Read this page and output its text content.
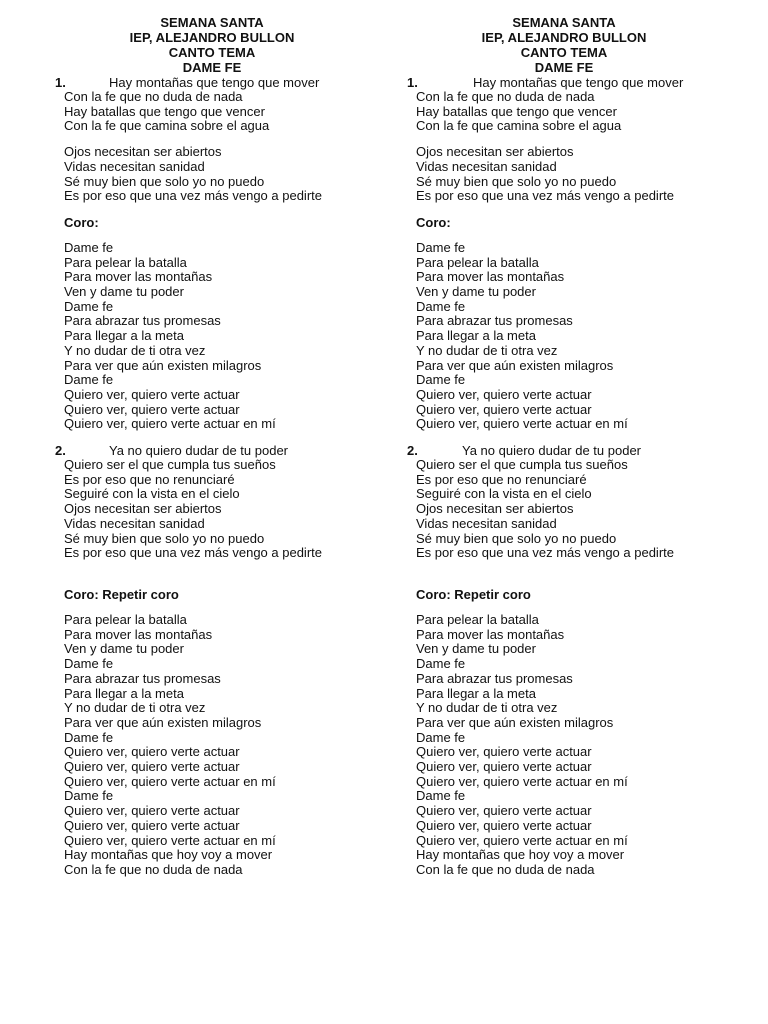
SEMANA SANTA
IEP, ALEJANDRO BULLON
CANTO TEMA
DAME FE
1.	Hay montañas que tengo que mover
Con la fe que no duda de nada
Hay batallas que tengo que vencer
Con la fe que camina sobre el agua
Ojos necesitan ser abiertos
Vidas necesitan sanidad
Sé muy bien que solo yo no puedo
Es por eso que una vez más vengo a pedirte
Coro:
Dame fe
Para pelear la batalla
Para mover las montañas
Ven y dame tu poder
Dame fe
Para abrazar tus promesas
Para llegar a la meta
Y no dudar de ti otra vez
Para ver que aún existen milagros
Dame fe
Quiero ver, quiero verte actuar
Quiero ver, quiero verte actuar
Quiero ver, quiero verte actuar en mí
2.	Ya no quiero dudar de tu poder
Quiero ser el que cumpla tus sueños
Es por eso que no renunciaré
Seguiré con la vista en el cielo
Ojos necesitan ser abiertos
Vidas necesitan sanidad
Sé muy bien que solo yo no puedo
Es por eso que una vez más vengo a pedirte
Coro: Repetir coro
Para pelear la batalla
Para mover las montañas
Ven y dame tu poder
Dame fe
Para abrazar tus promesas
Para llegar a la meta
Y no dudar de ti otra vez
Para ver que aún existen milagros
Dame fe
Quiero ver, quiero verte actuar
Quiero ver, quiero verte actuar
Quiero ver, quiero verte actuar en mí
Dame fe
Quiero ver, quiero verte actuar
Quiero ver, quiero verte actuar
Quiero ver, quiero verte actuar en mí
Hay montañas que hoy voy a mover
Con la fe que no duda de nada
SEMANA SANTA
IEP, ALEJANDRO BULLON
CANTO TEMA
DAME FE
1.	Hay montañas que tengo que mover
Con la fe que no duda de nada
Hay batallas que tengo que vencer
Con la fe que camina sobre el agua
Ojos necesitan ser abiertos
Vidas necesitan sanidad
Sé muy bien que solo yo no puedo
Es por eso que una vez más vengo a pedirte
Coro:
Dame fe
Para pelear la batalla
Para mover las montañas
Ven y dame tu poder
Dame fe
Para abrazar tus promesas
Para llegar a la meta
Y no dudar de ti otra vez
Para ver que aún existen milagros
Dame fe
Quiero ver, quiero verte actuar
Quiero ver, quiero verte actuar
Quiero ver, quiero verte actuar en mí
2.	Ya no quiero dudar de tu poder
Quiero ser el que cumpla tus sueños
Es por eso que no renunciaré
Seguiré con la vista en el cielo
Ojos necesitan ser abiertos
Vidas necesitan sanidad
Sé muy bien que solo yo no puedo
Es por eso que una vez más vengo a pedirte
Coro: Repetir coro
Para pelear la batalla
Para mover las montañas
Ven y dame tu poder
Dame fe
Para abrazar tus promesas
Para llegar a la meta
Y no dudar de ti otra vez
Para ver que aún existen milagros
Dame fe
Quiero ver, quiero verte actuar
Quiero ver, quiero verte actuar
Quiero ver, quiero verte actuar en mí
Dame fe
Quiero ver, quiero verte actuar
Quiero ver, quiero verte actuar
Quiero ver, quiero verte actuar en mí
Hay montañas que hoy voy a mover
Con la fe que no duda de nada
